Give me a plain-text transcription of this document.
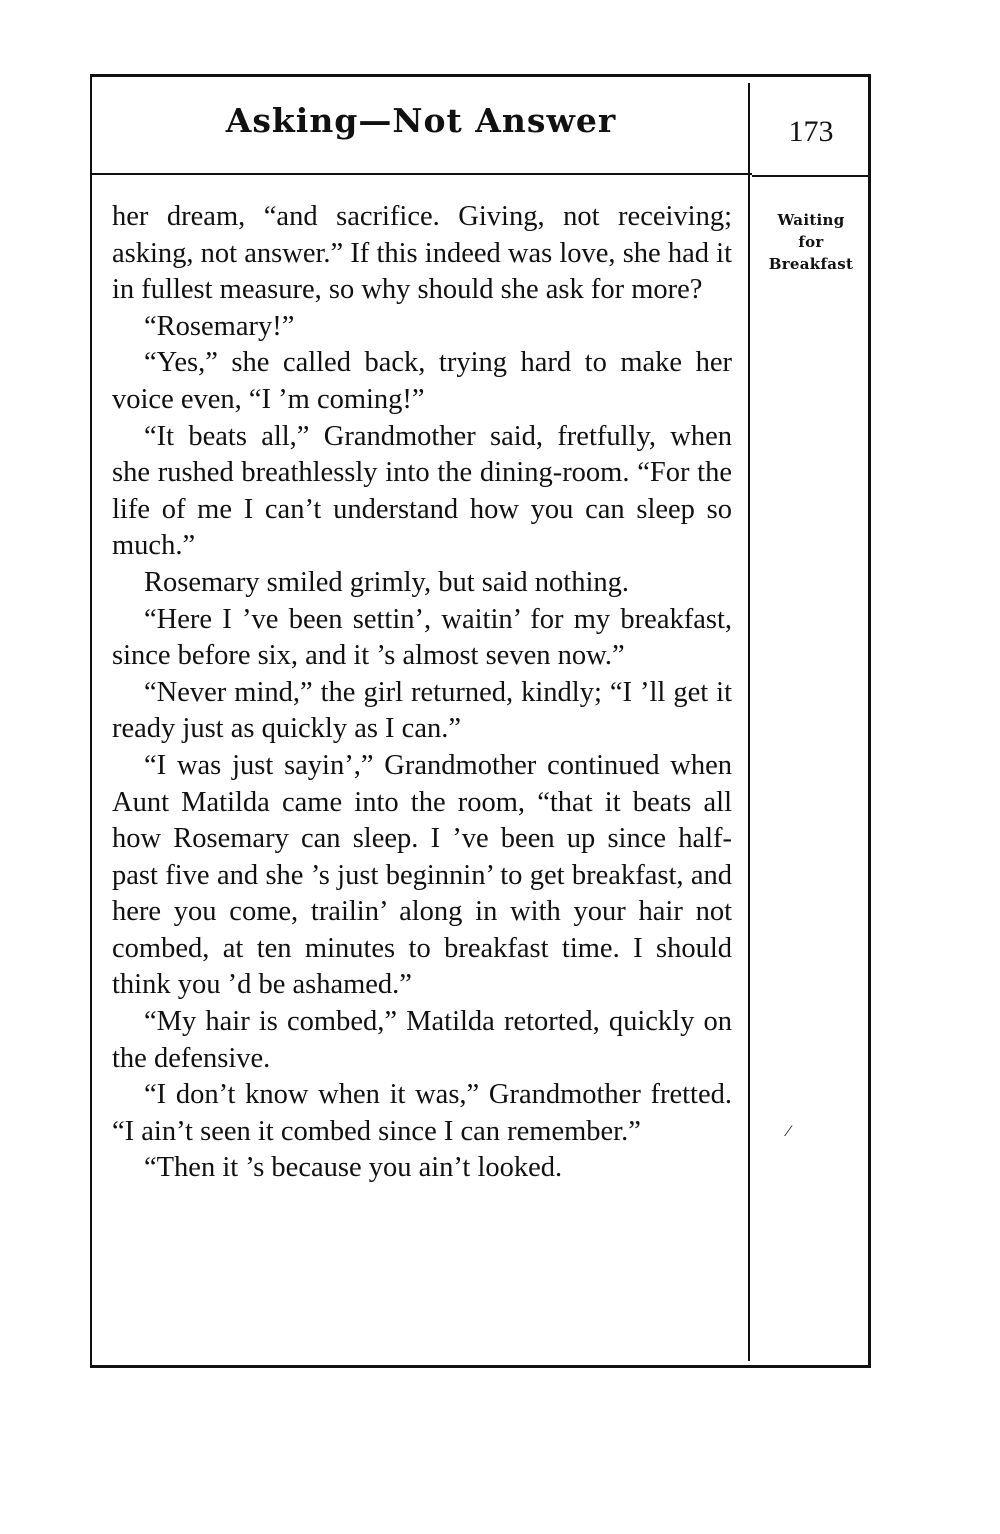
Asking—Not Answer	173

her dream, “and sacrifice. Giving, not receiving; asking, not answer.” If this indeed was love, she had it in fullest measure, so why should she ask for more?

“Rosemary!”

“Yes,” she called back, trying hard to make her voice even, “I ’m coming!”

“It beats all,” Grandmother said, fretfully, when she rushed breathlessly into the dining-room. “For the life of me I can’t understand how you can sleep so much.”

Rosemary smiled grimly, but said nothing.

“Here I ’ve been settin’, waitin’ for my breakfast, since before six, and it ’s almost seven now.”

“Never mind,” the girl returned, kindly; “I ’ll get it ready just as quickly as I can.”

“I was just sayin’,” Grandmother continued when Aunt Matilda came into the room, “that it beats all how Rosemary can sleep. I ’ve been up since half-past five and she ’s just beginnin’ to get breakfast, and here you come, trailin’ along in with your hair not combed, at ten minutes to breakfast time. I should think you ’d be ashamed.”

“My hair is combed,” Matilda retorted, quickly on the defensive.

“I don’t know when it was,” Grandmother fretted. “I ain’t seen it combed since I can remember.”

“Then it ’s because you ain’t looked.

Waiting
for
Breakfast
⁄
